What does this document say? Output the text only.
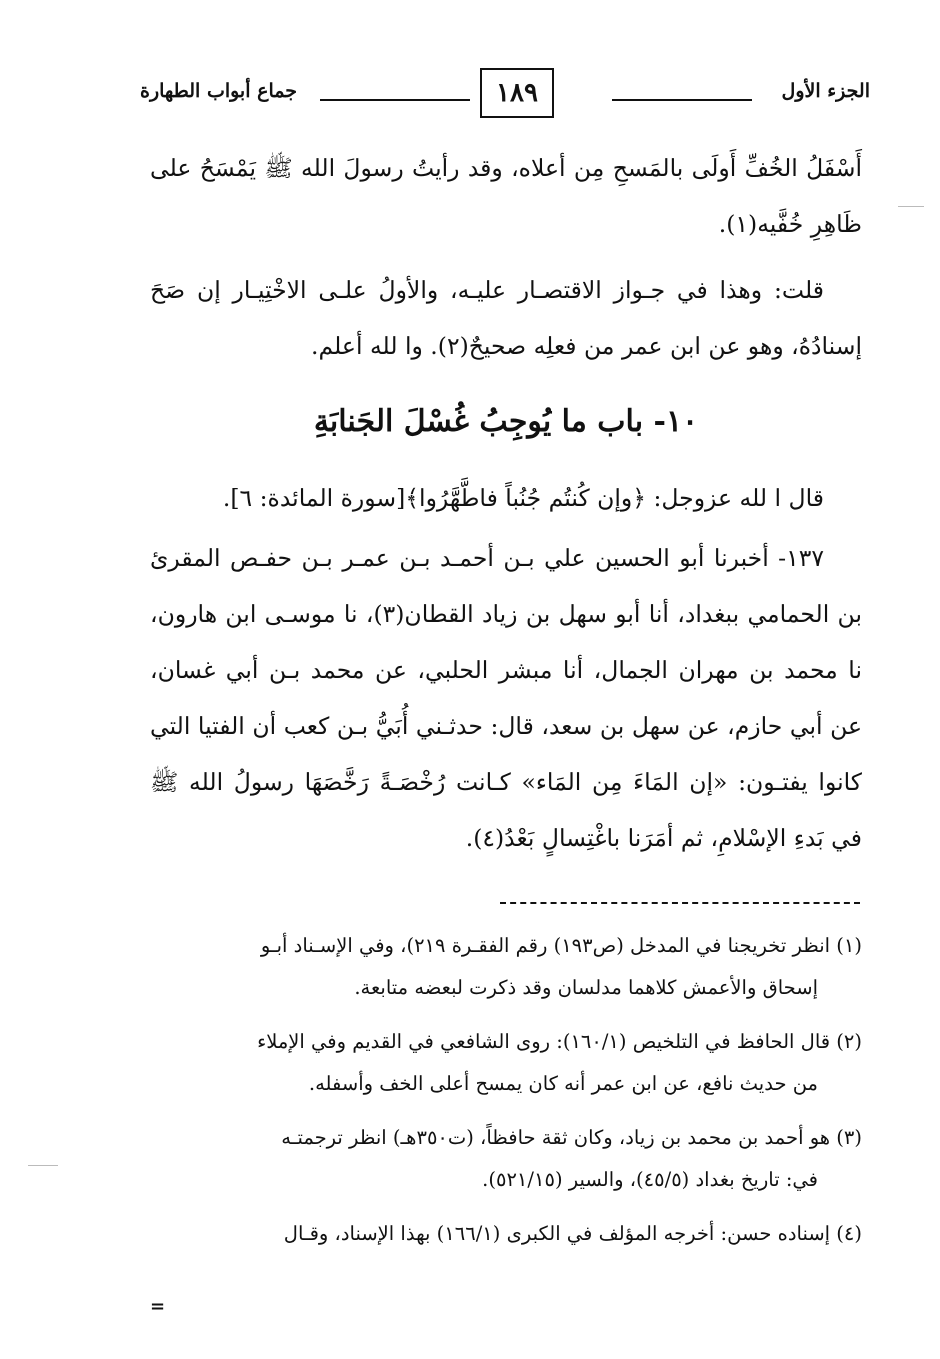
الجزء الأول
١٨٩
جماع أبواب الطهارة

أَسْفَلُ الخُفِّ أَولَى بالمَسحِ مِن أعلاه، وقد رأيتُ رسولَ الله ﷺ يَمْسَحُ على ظَاهِرِ خُفَّيه(١).

قلت: وهذا في جـواز الاقتصـار عليـه، والأولُ علـى الاخْتِيـار إن صَحَ إسنادُهُ، وهو عن ابن عمر من فعلِه صحيحٌ(٢). وا لله أعلم.

١٠- باب ما يُوجِبُ غُسْلَ الجَنابَةِ

قال ا لله عزوجل: ﴿وإن كُنتُم جُنُباً فاطَّهَّرُوا﴾[سورة المائدة: ٦].

١٣٧- أخبرنا أبو الحسين علي بـن أحمـد بـن عمـر بـن حفـص المقرئ بن الحمامي ببغداد، أنا أبو سهل بن زياد القطان(٣)، نا موسـى ابن هارون، نا محمد بن مهران الجمال، أنا مبشر الحلبي، عن محمد بـن أبي غسان، عن أبي حازم، عن سهل بن سعد، قال: حدثـني أُبَيُّ بـن كعب أن الفتيا التي كانوا يفتـون: «إن المَاءَ مِن المَاء» كـانت رُخْصَـةً رَخَّصَهَا رسولُ الله ﷺ في بَدءِ الإسْلامِ، ثم أمَرَنا باغْتِسالٍ بَعْدُ(٤).

(١) انظر تخريجنا في المدخل (ص١٩٣) رقم الفقـرة ٢١٩)، وفي الإسـناد أبـو
إسحاق والأعمش كلاهما مدلسان وقد ذكرت لبعضه متابعة.
(٢) قال الحافظ في التلخيص (١٦٠/١): روى الشافعي في القديم وفي الإملاء
من حديث نافع، عن ابن عمر أنه كان يمسح أعلى الخف وأسفله.
(٣) هو أحمد بن محمد بن زياد، وكان ثقة حافظاً، (ت٣٥٠هـ) انظر ترجمتـه
في: تاريخ بغداد (٤٥/٥)، والسير (٥٢١/١٥).
(٤) إسناده حسن: أخرجه المؤلف في الكبرى (١٦٦/١) بهذا الإسناد، وقـال
=
